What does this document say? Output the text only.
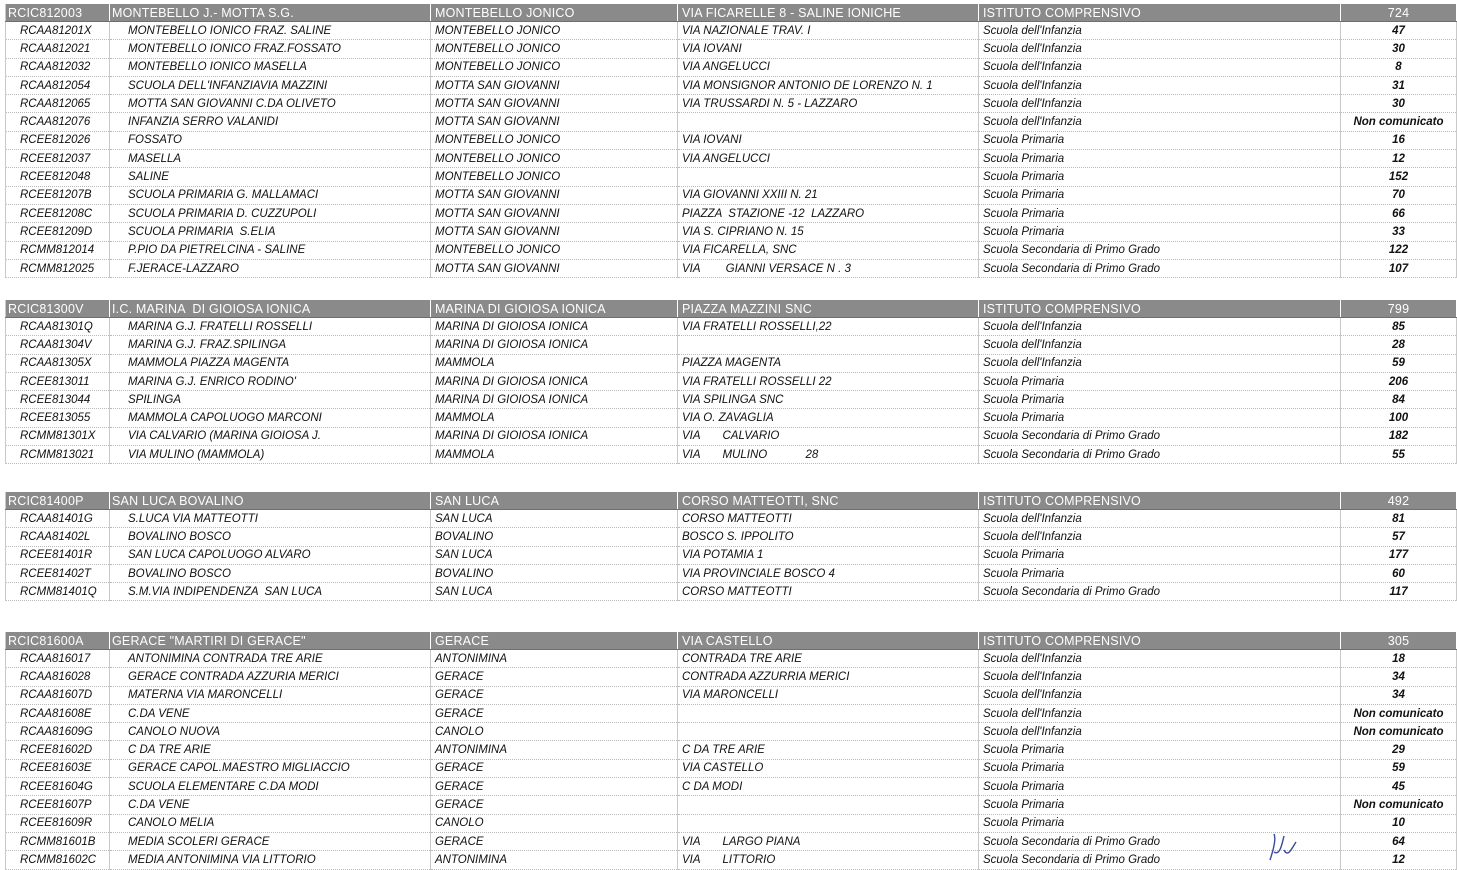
RCIC812003	MONTEBELLO J.- MOTTA S.G.	MONTEBELLO JONICO	VIA FICARELLE 8 - SALINE IONICHE	ISTITUTO COMPRENSIVO	724
RCAA81201X	MONTEBELLO IONICO FRAZ. SALINE	MONTEBELLO JONICO	VIA NAZIONALE TRAV. I	Scuola dell'Infanzia	47
RCAA812021	MONTEBELLO IONICO FRAZ.FOSSATO	MONTEBELLO JONICO	VIA IOVANI	Scuola dell'Infanzia	30
RCAA812032	MONTEBELLO IONICO MASELLA	MONTEBELLO JONICO	VIA ANGELUCCI	Scuola dell'Infanzia	8
RCAA812054	SCUOLA DELL'INFANZIAVIA MAZZINI	MOTTA SAN GIOVANNI	VIA MONSIGNOR ANTONIO DE LORENZO N. 1	Scuola dell'Infanzia	31
RCAA812065	MOTTA SAN GIOVANNI C.DA OLIVETO	MOTTA SAN GIOVANNI	VIA TRUSSARDI N. 5 - LAZZARO	Scuola dell'Infanzia	30
RCAA812076	INFANZIA SERRO VALANIDI	MOTTA SAN GIOVANNI		Scuola dell'Infanzia	Non comunicato
RCEE812026	FOSSATO	MONTEBELLO JONICO	VIA IOVANI	Scuola Primaria	16
RCEE812037	MASELLA	MONTEBELLO JONICO	VIA ANGELUCCI	Scuola Primaria	12
RCEE812048	SALINE	MONTEBELLO JONICO		Scuola Primaria	152
RCEE81207B	SCUOLA PRIMARIA G. MALLAMACI	MOTTA SAN GIOVANNI	VIA GIOVANNI XXIII N. 21	Scuola Primaria	70
RCEE81208C	SCUOLA PRIMARIA D. CUZZUPOLI	MOTTA SAN GIOVANNI	PIAZZA  STAZIONE -12  LAZZARO	Scuola Primaria	66
RCEE81209D	SCUOLA PRIMARIA  S.ELIA	MOTTA SAN GIOVANNI	VIA S. CIPRIANO N. 15	Scuola Primaria	33
RCMM812014	P.PIO DA PIETRELCINA - SALINE	MONTEBELLO JONICO	VIA FICARELLA, SNC	Scuola Secondaria di Primo Grado	122
RCMM812025	F.JERACE-LAZZARO	MOTTA SAN GIOVANNI	VIA        GIANNI VERSACE N . 3	Scuola Secondaria di Primo Grado	107
RCIC81300V	I.C. MARINA  DI GIOIOSA IONICA	MARINA DI GIOIOSA IONICA	PIAZZA MAZZINI SNC	ISTITUTO COMPRENSIVO	799
RCAA81301Q	MARINA G.J. FRATELLI ROSSELLI	MARINA DI GIOIOSA IONICA	VIA FRATELLI ROSSELLI,22	Scuola dell'Infanzia	85
RCAA81304V	MARINA G.J. FRAZ.SPILINGA	MARINA DI GIOIOSA IONICA		Scuola dell'Infanzia	28
RCAA81305X	MAMMOLA PIAZZA MAGENTA	MAMMOLA	PIAZZA MAGENTA	Scuola dell'Infanzia	59
RCEE813011	MARINA G.J. ENRICO RODINO'	MARINA DI GIOIOSA IONICA	VIA FRATELLI ROSSELLI 22	Scuola Primaria	206
RCEE813044	SPILINGA	MARINA DI GIOIOSA IONICA	VIA SPILINGA SNC	Scuola Primaria	84
RCEE813055	MAMMOLA CAPOLUOGO MARCONI	MAMMOLA	VIA O. ZAVAGLIA	Scuola Primaria	100
RCMM81301X	VIA CALVARIO (MARINA GIOIOSA J.	MARINA DI GIOIOSA IONICA	VIA       CALVARIO	Scuola Secondaria di Primo Grado	182
RCMM813021	VIA MULINO (MAMMOLA)	MAMMOLA	VIA       MULINO            28	Scuola Secondaria di Primo Grado	55
RCIC81400P	SAN LUCA BOVALINO	SAN LUCA	CORSO MATTEOTTI, SNC	ISTITUTO COMPRENSIVO	492
RCAA81401G	S.LUCA VIA MATTEOTTI	SAN LUCA	CORSO MATTEOTTI	Scuola dell'Infanzia	81
RCAA81402L	BOVALINO BOSCO	BOVALINO	BOSCO S. IPPOLITO	Scuola dell'Infanzia	57
RCEE81401R	SAN LUCA CAPOLUOGO ALVARO	SAN LUCA	VIA POTAMIA 1	Scuola Primaria	177
RCEE81402T	BOVALINO BOSCO	BOVALINO	VIA PROVINCIALE BOSCO 4	Scuola Primaria	60
RCMM81401Q	S.M.VIA INDIPENDENZA  SAN LUCA	SAN LUCA	CORSO MATTEOTTI	Scuola Secondaria di Primo Grado	117
RCIC81600A	GERACE "MARTIRI DI GERACE"	GERACE	VIA CASTELLO	ISTITUTO COMPRENSIVO	305
RCAA816017	ANTONIMINA CONTRADA TRE ARIE	ANTONIMINA	CONTRADA TRE ARIE	Scuola dell'Infanzia	18
RCAA816028	GERACE CONTRADA AZZURIA MERICI	GERACE	CONTRADA AZZURRIA MERICI	Scuola dell'Infanzia	34
RCAA81607D	MATERNA VIA MARONCELLI	GERACE	VIA MARONCELLI	Scuola dell'Infanzia	34
RCAA81608E	C.DA VENE	GERACE		Scuola dell'Infanzia	Non comunicato
RCAA81609G	CANOLO NUOVA	CANOLO		Scuola dell'Infanzia	Non comunicato
RCEE81602D	C DA TRE ARIE	ANTONIMINA	C DA TRE ARIE	Scuola Primaria	29
RCEE81603E	GERACE CAPOL.MAESTRO MIGLIACCIO	GERACE	VIA CASTELLO	Scuola Primaria	59
RCEE81604G	SCUOLA ELEMENTARE C.DA MODI	GERACE	C DA MODI	Scuola Primaria	45
RCEE81607P	C.DA VENE	GERACE		Scuola Primaria	Non comunicato
RCEE81609R	CANOLO MELIA	CANOLO		Scuola Primaria	10
RCMM81601B	MEDIA SCOLERI GERACE	GERACE	VIA       LARGO PIANA	Scuola Secondaria di Primo Grado	64
RCMM81602C	MEDIA ANTONIMINA VIA LITTORIO	ANTONIMINA	VIA       LITTORIO	Scuola Secondaria di Primo Grado	12
